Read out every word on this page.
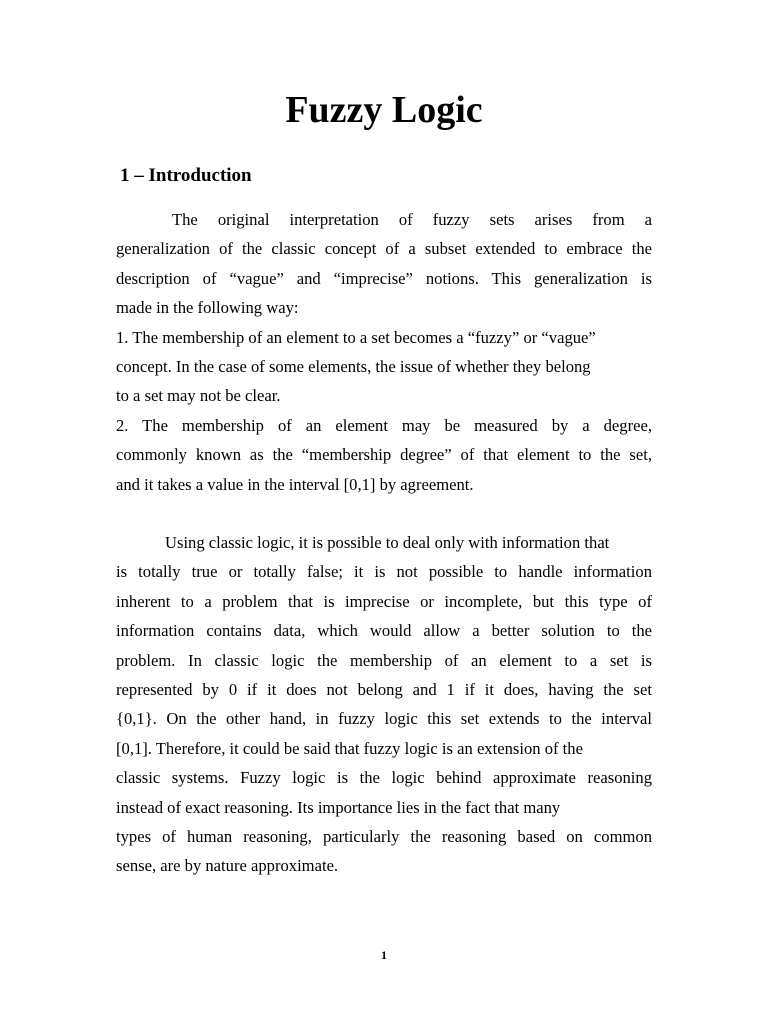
Fuzzy Logic
1 – Introduction
The original interpretation of fuzzy sets arises from a
generalization of the classic concept of a subset extended to embrace the
description of “vague” and “imprecise” notions. This generalization is
made in the following way:
1. The membership of an element to a set becomes a “fuzzy” or “vague”
concept. In the case of some elements, the issue of whether they belong
to a set may not be clear.
2. The membership of an element may be measured by a degree,
commonly known as the “membership degree” of that element to the set,
and it takes a value in the interval [0,1] by agreement.
Using classic logic, it is possible to deal only with information that
is totally true or totally false; it is not possible to handle information
inherent to a problem that is imprecise or incomplete, but this type of
information contains data, which would allow a better solution to the
problem. In classic logic the membership of an element to a set is
represented by 0 if it does not belong and 1 if it does, having the set
{0,1}. On the other hand, in fuzzy logic this set extends to the interval
[0,1]. Therefore, it could be said that fuzzy logic is an extension of the
classic systems. Fuzzy logic is the logic behind approximate reasoning
instead of exact reasoning. Its importance lies in the fact that many
types of human reasoning, particularly the reasoning based on common
sense, are by nature approximate.
1
